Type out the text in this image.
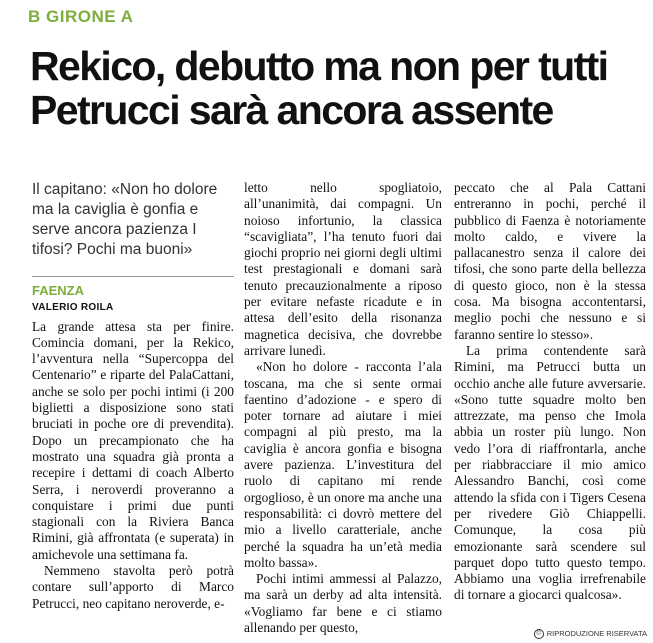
B GIRONE A
Rekico, debutto ma non per tutti
Petrucci sarà ancora assente
Il capitano: «Non ho dolore ma la caviglia è gonfia e serve ancora pazienza I tifosi? Pochi ma buoni»
FAENZA
VALERIO ROILA

La grande attesa sta per finire. Comincia domani, per la Rekico, l’avventura nella “Supercoppa del Centenario” e riparte del PalaCattani, anche se solo per pochi intimi (i 200 biglietti a disposizione sono stati bruciati in poche ore di prevendita). Dopo un precampionato che ha mostrato una squadra già pronta a recepire i dettami di coach Alberto Serra, i neroverdi proveranno a conquistare i primi due punti stagionali con la Riviera Banca Rimini, già affrontata (e superata) in amichevole una settimana fa.

Nemmeno stavolta però potrà contare sull’apporto di Marco Petrucci, neo capitano neroverde, e-

letto nello spogliatoio, all’unanimità, dai compagni. Un noioso infortunio, la classica “scavigliata”, l’ha tenuto fuori dai giochi proprio nei giorni degli ultimi test prestagionali e domani sarà tenuto precauzionalmente a riposo per evitare nefaste ricadute e in attesa dell’esito della risonanza magnetica decisiva, che dovrebbe arrivare lunedì.

«Non ho dolore - racconta l’ala toscana, ma che si sente ormai faentino d’adozione - e spero di poter tornare ad aiutare i miei compagni al più presto, ma la caviglia è ancora gonfia e bisogna avere pazienza. L’investitura del ruolo di capitano mi rende orgoglioso, è un onore ma anche una responsabilità: ci dovrò mettere del mio a livello caratteriale, anche perché la squadra ha un’età media molto bassa».

Pochi intimi ammessi al Palazzo, ma sarà un derby ad alta intensità. «Vogliamo far bene e ci stiamo allenando per questo,

peccato che al Pala Cattani entreranno in pochi, perché il pubblico di Faenza è notoriamente molto caldo, e vivere la pallacanestro senza il calore dei tifosi, che sono parte della bellezza di questo gioco, non è la stessa cosa. Ma bisogna accontentarsi, meglio pochi che nessuno e si faranno sentire lo stesso».

La prima contendente sarà Rimini, ma Petrucci butta un occhio anche alle future avversarie. «Sono tutte squadre molto ben attrezzate, ma penso che Imola abbia un roster più lungo. Non vedo l’ora di riaffrontarla, anche per riabbracciare il mio amico Alessandro Banchi, così come attendo la sfida con i Tigers Cesena per rivedere Giò Chiappelli. Comunque, la cosa più emozionante sarà scendere sul parquet dopo tutto questo tempo. Abbiamo una voglia irrefrenabile di tornare a giocarci qualcosa».

© RIPRODUZIONE RISERVATA
